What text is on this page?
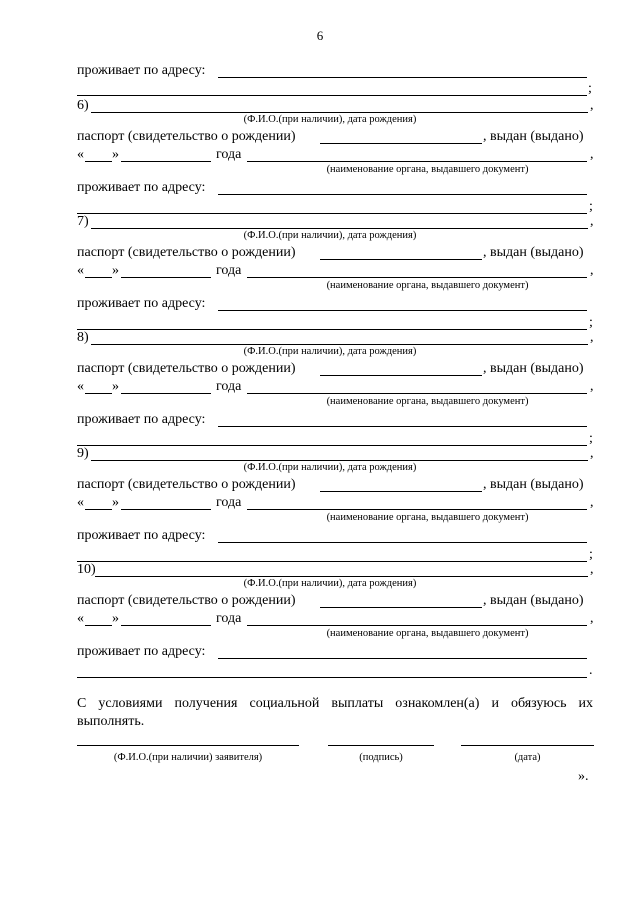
6
проживает по адресу:
;
6)	,
(Ф.И.О.(при наличии), дата рождения)
паспорт (свидетельство о рождении)	, выдан (выдано)
« »	года	,
(наименование органа, выдавшего документ)
проживает по адресу:
;
7)	,
(Ф.И.О.(при наличии), дата рождения)
паспорт (свидетельство о рождении)	, выдан (выдано)
« »	года	,
(наименование органа, выдавшего документ)
проживает по адресу:
;
8)	,
(Ф.И.О.(при наличии), дата рождения)
паспорт (свидетельство о рождении)	, выдан (выдано)
« »	года	,
(наименование органа, выдавшего документ)
проживает по адресу:
;
9)	,
(Ф.И.О.(при наличии), дата рождения)
паспорт (свидетельство о рождении)	, выдан (выдано)
« »	года	,
(наименование органа, выдавшего документ)
проживает по адресу:
;
10)	,
(Ф.И.О.(при наличии), дата рождения)
паспорт (свидетельство о рождении)	, выдан (выдано)
« »	года	,
(наименование органа, выдавшего документ)
проживает по адресу:
.
С условиями получения социальной выплаты ознакомлен(а) и обязуюсь их выполнять.
(Ф.И.О.(при наличии) заявителя)	(подпись)	(дата)
».
